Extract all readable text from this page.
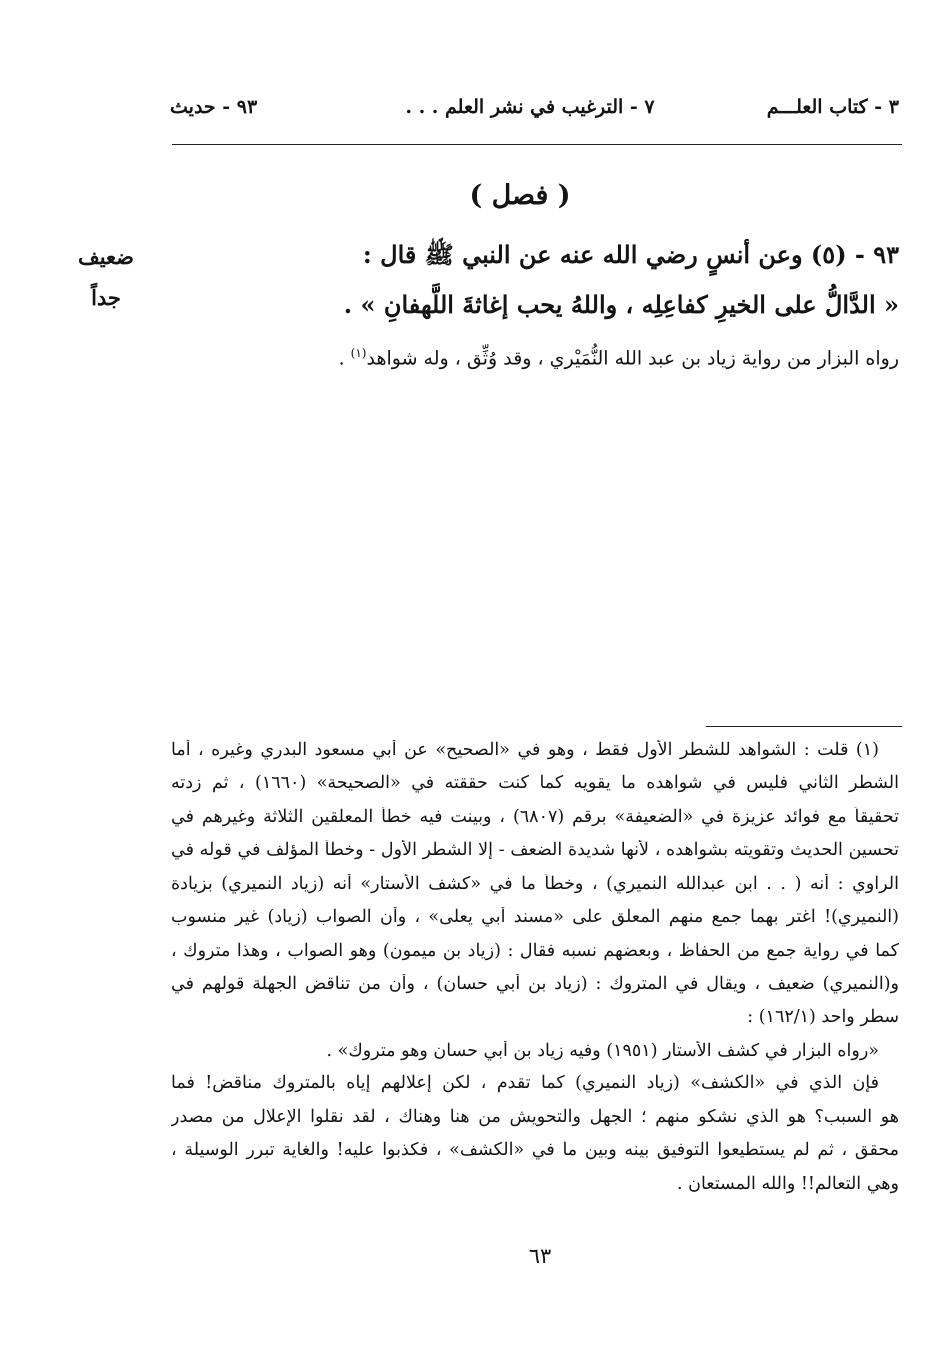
٣ - كتاب العلـــم
٧ - الترغيب في نشر العلم . . .
٩٣ - حديث
( فصل )
ضعيف
جداً
٩٣ - (٥) وعن أنسٍ رضي الله عنه عن النبي ﷺ قال :
« الدَّالُّ على الخيرِ كفاعِلِه ، واللهُ يحب إغاثةَ اللَّهفانِ » .
رواه البزار من رواية زياد بن عبد الله النُّمَيْري ، وقد وُثِّق ، وله شواهد$^{(١)}$ .
(١) قلت : الشواهد للشطر الأول فقط ، وهو في «الصحيح» عن أبي مسعود البدري وغيره ، أما
الشطر الثاني فليس في شواهده ما يقويه كما كنت حققته في «الصحيحة» (١٦٦٠) ، ثم زدته
تحقيقاً مع فوائد عزيزة في «الضعيفة» برقم (٦٨٠٧) ، وبينت فيه خطأ المعلقين الثلاثة وغيرهم في
تحسين الحديث وتقويته بشواهده ، لأنها شديدة الضعف - إلا الشطر الأول - وخطأ المؤلف في قوله في
الراوي : أنه ( . . ابن عبدالله النميري) ، وخطأ ما في «كشف الأستار» أنه (زياد النميري) بزيادة
(النميري)! اغتر بهما جمع منهم المعلق على «مسند أبي يعلى» ، وأن الصواب (زياد) غير منسوب
كما في رواية جمع من الحفاظ ، وبعضهم نسبه فقال : (زياد بن ميمون) وهو الصواب ، وهذا متروك ،
و(النميري) ضعيف ، ويقال في المتروك : (زياد بن أبي حسان) ، وأن من تناقض الجهلة قولهم في
سطر واحد (١٦٢/١) :
«رواه البزار في كشف الأستار (١٩٥١) وفيه زياد بن أبي حسان وهو متروك» .
فإن الذي في «الكشف» (زياد النميري) كما تقدم ، لكن إعلالهم إياه بالمتروك مناقض! فما
هو السبب؟ هو الذي نشكو منهم ؛ الجهل والتحويش من هنا وهناك ، لقد نقلوا الإعلال من مصدر
محقق ، ثم لم يستطيعوا التوفيق بينه وبين ما في «الكشف» ، فكذبوا عليه! والغاية تبرر الوسيلة ،
وهي التعالم!! والله المستعان .
٦٣
